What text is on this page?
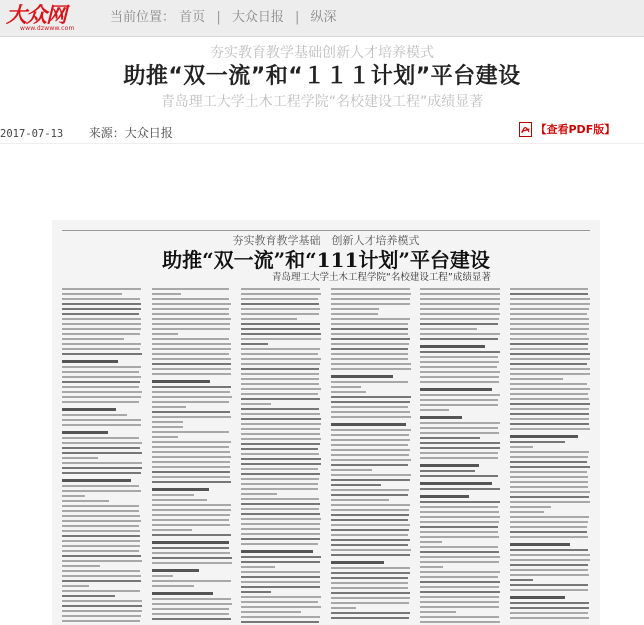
大众网
www.dzwww.com
当前位置： 首页 | 大众日报 | 纵深
夯实教育教学基础创新人才培养模式
助推“双一流”和“１１１计划”平台建设
青岛理工大学土木工程学院“名校建设工程”成绩显著
2017-07-13 来源：大众日报	【查看PDF版】
夯实教育教学基础　创新人才培养模式
助推“双一流”和“111计划”平台建设
青岛理工大学土木工程学院“名校建设工程”成绩显著
